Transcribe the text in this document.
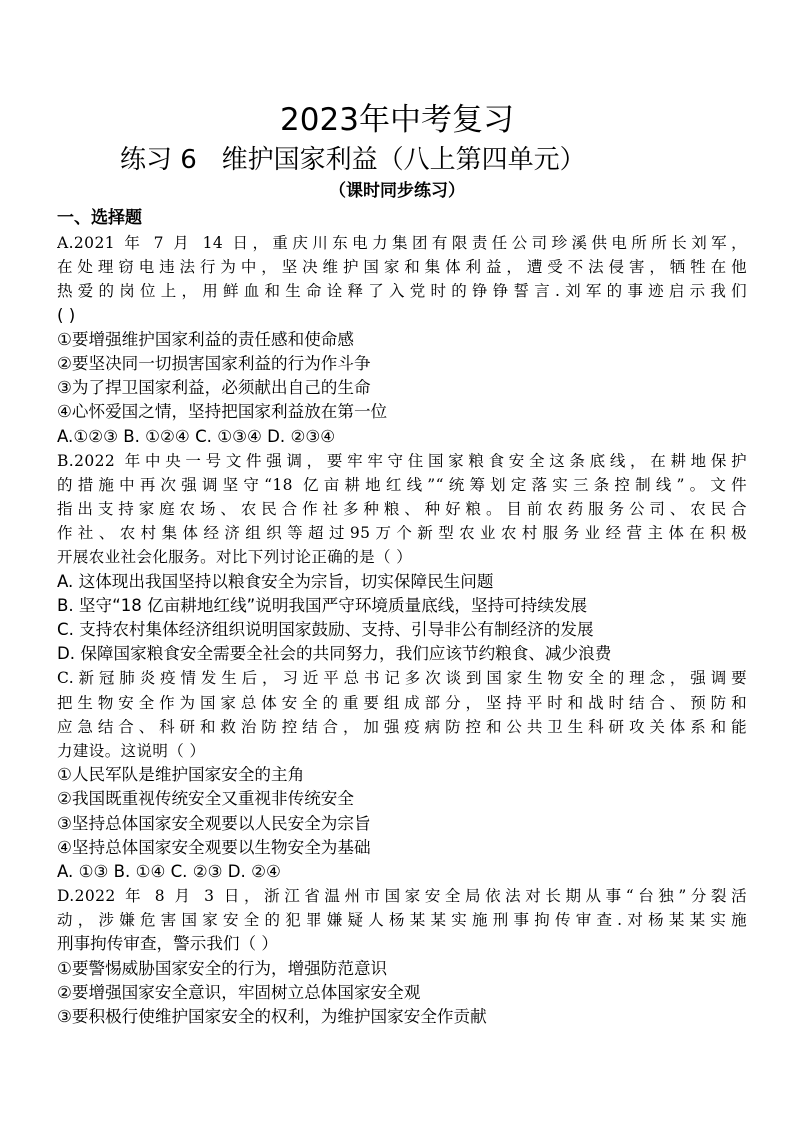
2023年中考复习
练习 6   维护国家利益（八上第四单元）
（课时同步练习）
一、选择题
A.2021 年 7 月 14 日，重庆川东电力集团有限责任公司珍溪供电所所长刘军，
在处理窃电违法行为中，坚决维护国家和集体利益，遭受不法侵害，牺牲在他
热爱的岗位上，用鲜血和生命诠释了入党时的铮铮誓言.刘军的事迹启示我们
( )
①要增强维护国家利益的责任感和使命感
②要坚决同一切损害国家利益的行为作斗争
③为了捍卫国家利益，必须献出自己的生命
④心怀爱国之情，坚持把国家利益放在第一位
A.①②③ B. ①②④ C. ①③④ D. ②③④
B.2022 年中央一号文件强调，要牢牢守住国家粮食安全这条底线，在耕地保护
的措施中再次强调坚守“18 亿亩耕地红线”“统筹划定落实三条控制线”。文件
指出支持家庭农场、农民合作社多种粮、种好粮。目前农药服务公司、农民合
作社、农村集体经济组织等超过95万个新型农业农村服务业经营主体在积极
开展农业社会化服务。对比下列讨论正确的是（ ）
A. 这体现出我国坚持以粮食安全为宗旨，切实保障民生问题
B. 坚守“18 亿亩耕地红线”说明我国严守环境质量底线，坚持可持续发展
C. 支持农村集体经济组织说明国家鼓励、支持、引导非公有制经济的发展
D. 保障国家粮食安全需要全社会的共同努力，我们应该节约粮食、减少浪费
C.新冠肺炎疫情发生后，习近平总书记多次谈到国家生物安全的理念，强调要
把生物安全作为国家总体安全的重要组成部分，坚持平时和战时结合、预防和
应急结合、科研和救治防控结合，加强疫病防控和公共卫生科研攻关体系和能
力建设。这说明（ ）
①人民军队是维护国家安全的主角
②我国既重视传统安全又重视非传统安全
③坚持总体国家安全观要以人民安全为宗旨
④坚持总体国家安全观要以生物安全为基础
A. ①③ B. ①④ C. ②③ D. ②④
D.2022 年 8 月 3 日，浙江省温州市国家安全局依法对长期从事“台独”分裂活
动，涉嫌危害国家安全的犯罪嫌疑人杨某某实施刑事拘传审查.对杨某某实施
刑事拘传审查，警示我们（ ）
①要警惕威胁国家安全的行为，增强防范意识
②要增强国家安全意识，牢固树立总体国家安全观
③要积极行使维护国家安全的权利，为维护国家安全作贡献
